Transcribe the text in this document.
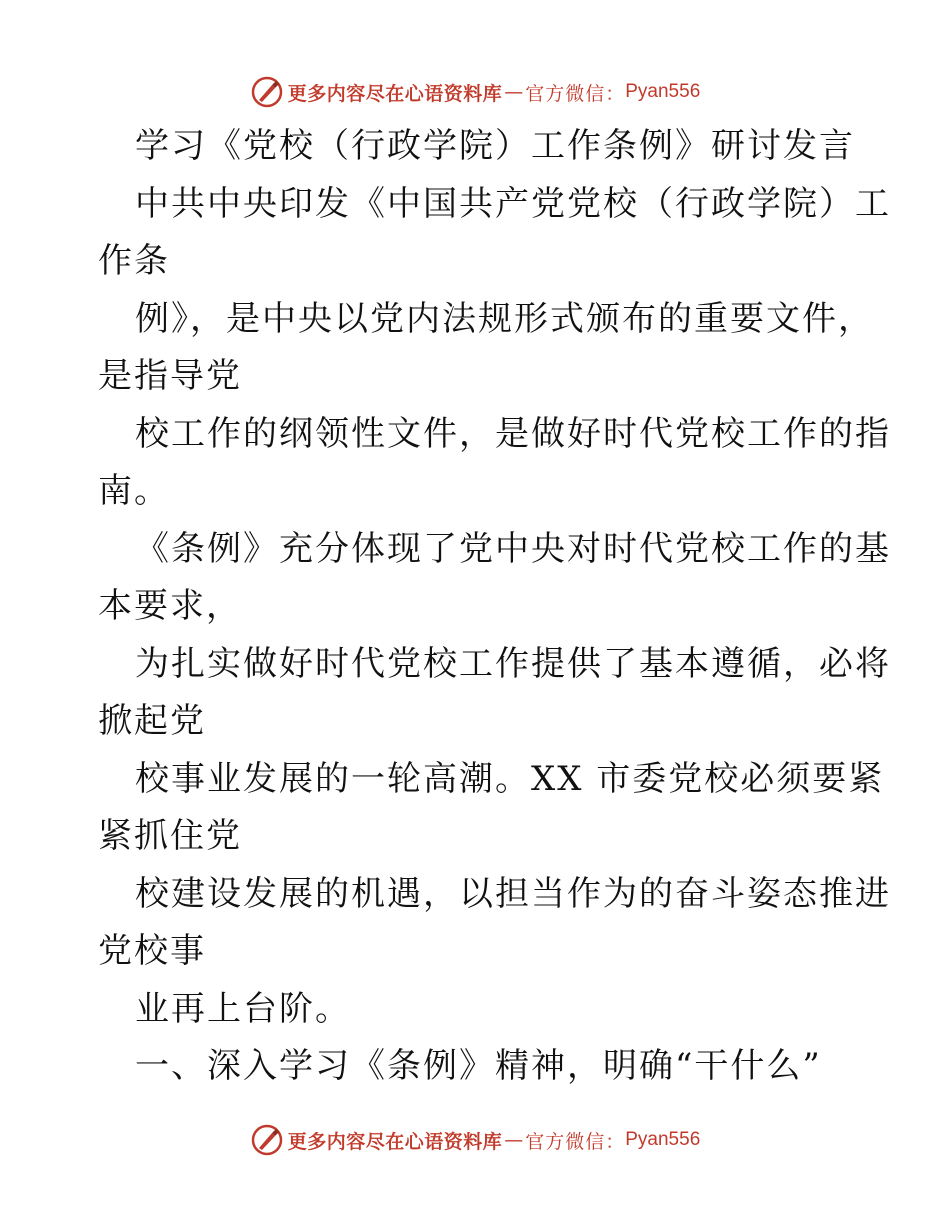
更多内容尽在心语资料库 — 官方微信： Pyan556
学习《党校（行政学院）工作条例》研讨发言
中共中央印发《中国共产党党校（行政学院）工
作条
例》，是中央以党内法规形式颁布的重要文件，
是指导党
校工作的纲领性文件，是做好时代党校工作的指
南。
《条例》充分体现了党中央对时代党校工作的基
本要求，
为扎实做好时代党校工作提供了基本遵循，必将
掀起党
校事业发展的一轮高潮。XX 市委党校必须要紧
紧抓住党
校建设发展的机遇，以担当作为的奋斗姿态推进
党校事
业再上台阶。
一、深入学习《条例》精神，明确“干什么”
更多内容尽在心语资料库 — 官方微信： Pyan556
